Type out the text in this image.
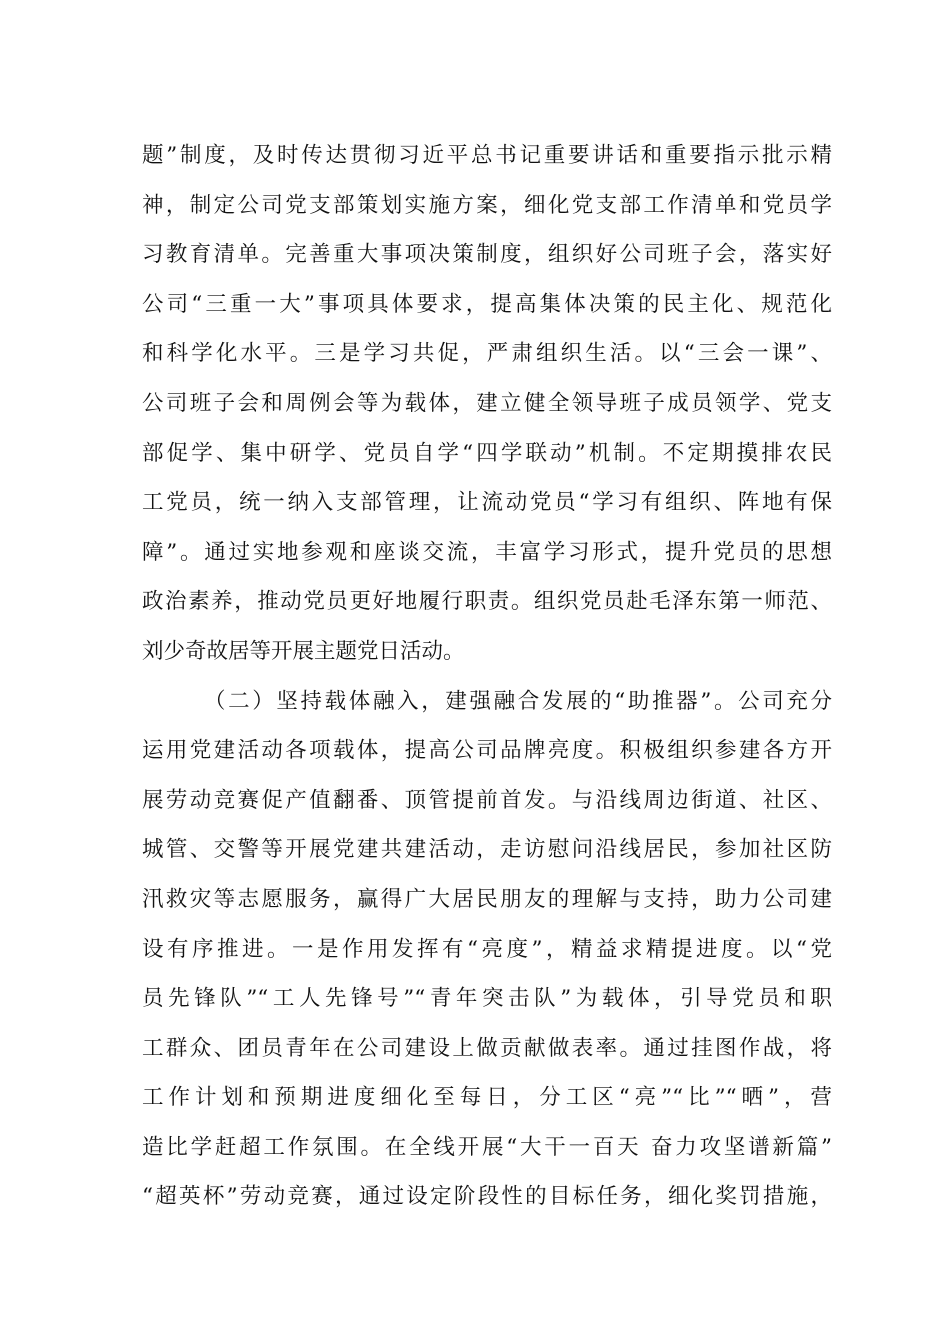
题”制度，及时传达贯彻习近平总书记重要讲话和重要指示批示精
神，制定公司党支部策划实施方案，细化党支部工作清单和党员学
习教育清单。完善重大事项决策制度，组织好公司班子会，落实好
公司“三重一大”事项具体要求，提高集体决策的民主化、规范化
和科学化水平。三是学习共促，严肃组织生活。以“三会一课”、
公司班子会和周例会等为载体，建立健全领导班子成员领学、党支
部促学、集中研学、党员自学“四学联动”机制。不定期摸排农民
工党员，统一纳入支部管理，让流动党员“学习有组织、阵地有保
障”。通过实地参观和座谈交流，丰富学习形式，提升党员的思想
政治素养，推动党员更好地履行职责。组织党员赴毛泽东第一师范、
刘少奇故居等开展主题党日活动。
（二）坚持载体融入，建强融合发展的“助推器”。公司充分
运用党建活动各项载体，提高公司品牌亮度。积极组织参建各方开
展劳动竞赛促产值翻番、顶管提前首发。与沿线周边街道、社区、
城管、交警等开展党建共建活动，走访慰问沿线居民，参加社区防
汛救灾等志愿服务，赢得广大居民朋友的理解与支持，助力公司建
设有序推进。一是作用发挥有“亮度”，精益求精提进度。以“党
员先锋队”“工人先锋号”“青年突击队”为载体，引导党员和职
工群众、团员青年在公司建设上做贡献做表率。通过挂图作战，将
工作计划和预期进度细化至每日，分工区“亮”“比”“晒”，营
造比学赶超工作氛围。在全线开展“大干一百天 奋力攻坚谱新篇”
“超英杯”劳动竞赛，通过设定阶段性的目标任务，细化奖罚措施，
